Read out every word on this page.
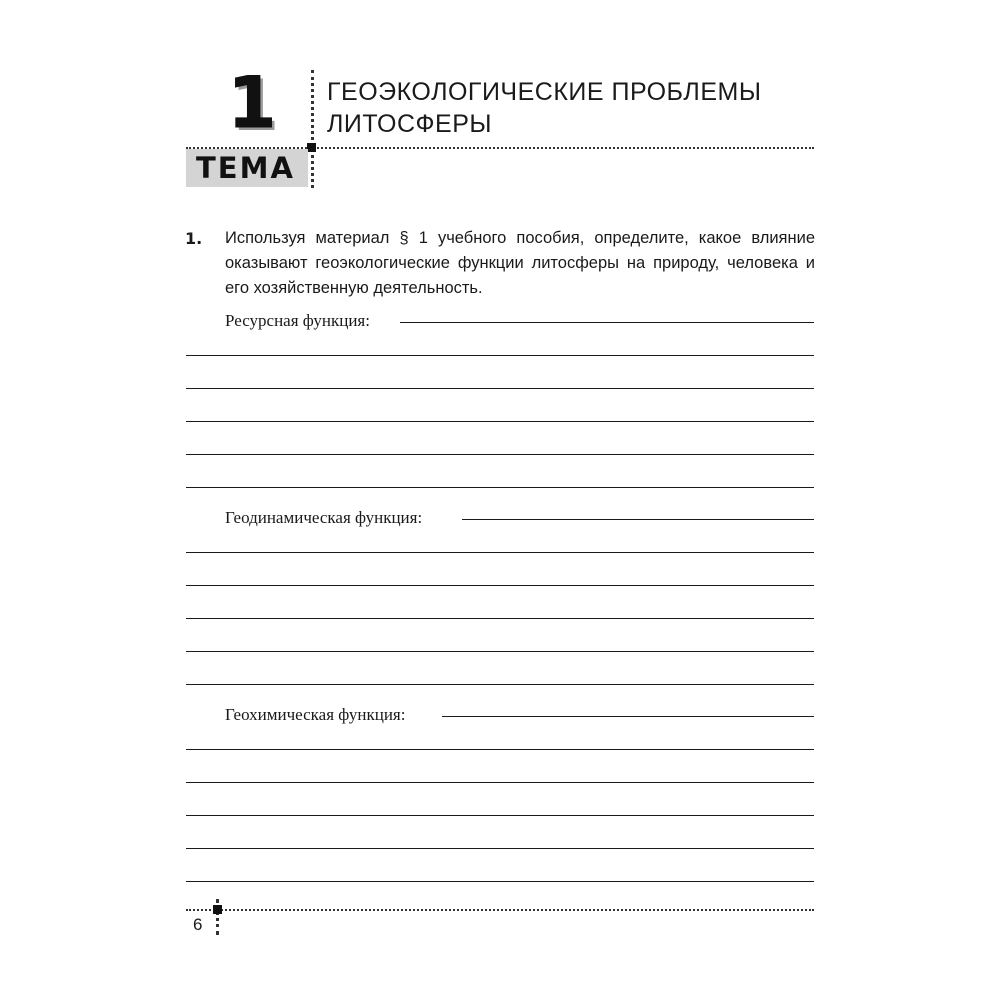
1 ГЕОЭКОЛОГИЧЕСКИЕ ПРОБЛЕМЫ
ЛИТОСФЕРЫ
ТЕМА
1. Используя материал § 1 учебного пособия, определите, какое влияние оказывают геоэкологические функции литосферы на природу, человека и его хозяйственную деятельность.
Ресурсная функция:
Геодинамическая функция:
Геохимическая функция:
6
